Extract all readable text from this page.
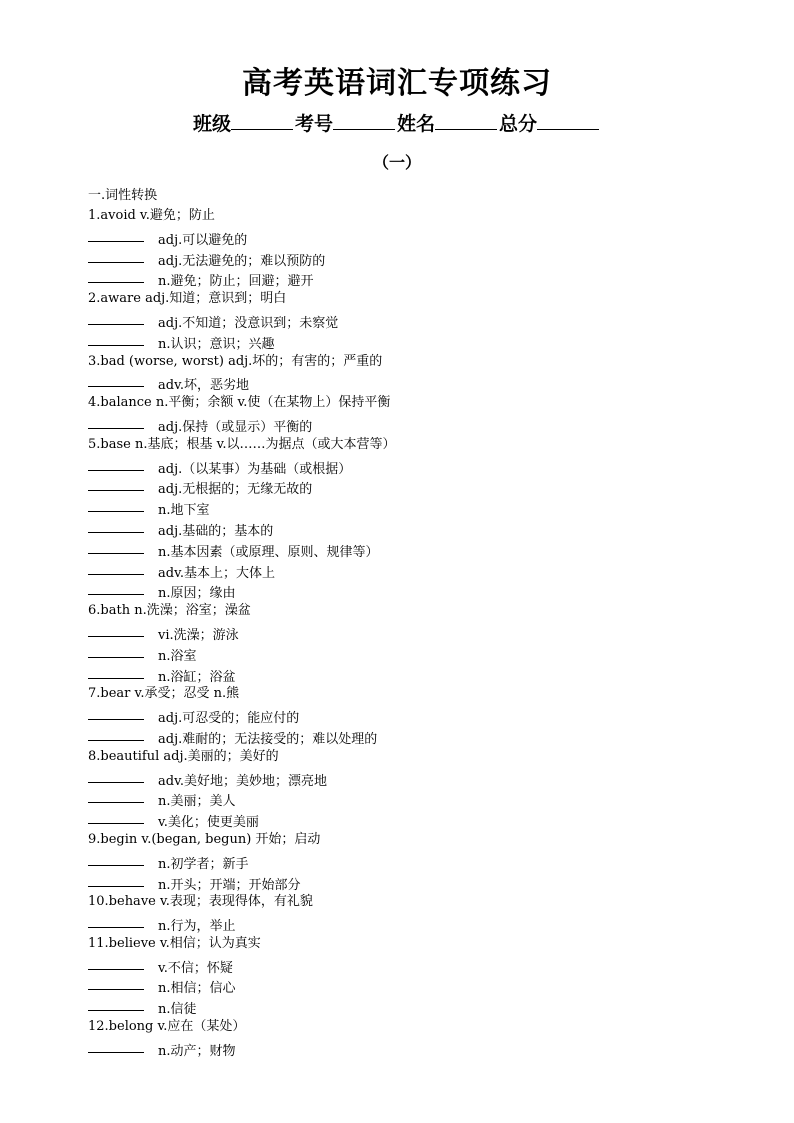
高考英语词汇专项练习
班级	考号	姓名	总分
（一）
一.词性转换
1.avoid v.避免；防止
adj.可以避免的
adj.无法避免的；难以预防的
n.避免；防止；回避；避开
2.aware adj.知道；意识到；明白
adj.不知道；没意识到；未察觉
n.认识；意识；兴趣
3.bad (worse, worst) adj.坏的；有害的；严重的
adv.坏，恶劣地
4.balance n.平衡；余额 v.使（在某物上）保持平衡
adj.保持（或显示）平衡的
5.base n.基底；根基 v.以……为据点（或大本营等）
adj.（以某事）为基础（或根据）
adj.无根据的；无缘无故的
n.地下室
adj.基础的；基本的
n.基本因素（或原理、原则、规律等）
adv.基本上；大体上
n.原因；缘由
6.bath n.洗澡；浴室；澡盆
vi.洗澡；游泳
n.浴室
n.浴缸；浴盆
7.bear v.承受；忍受 n.熊
adj.可忍受的；能应付的
adj.难耐的；无法接受的；难以处理的
8.beautiful adj.美丽的；美好的
adv.美好地；美妙地；漂亮地
n.美丽；美人
v.美化；使更美丽
9.begin v.(began, begun) 开始；启动
n.初学者；新手
n.开头；开端；开始部分
10.behave v.表现；表现得体，有礼貌
n.行为，举止
11.believe v.相信；认为真实
v.不信；怀疑
n.相信；信心
n.信徒
12.belong v.应在（某处）
n.动产；财物
